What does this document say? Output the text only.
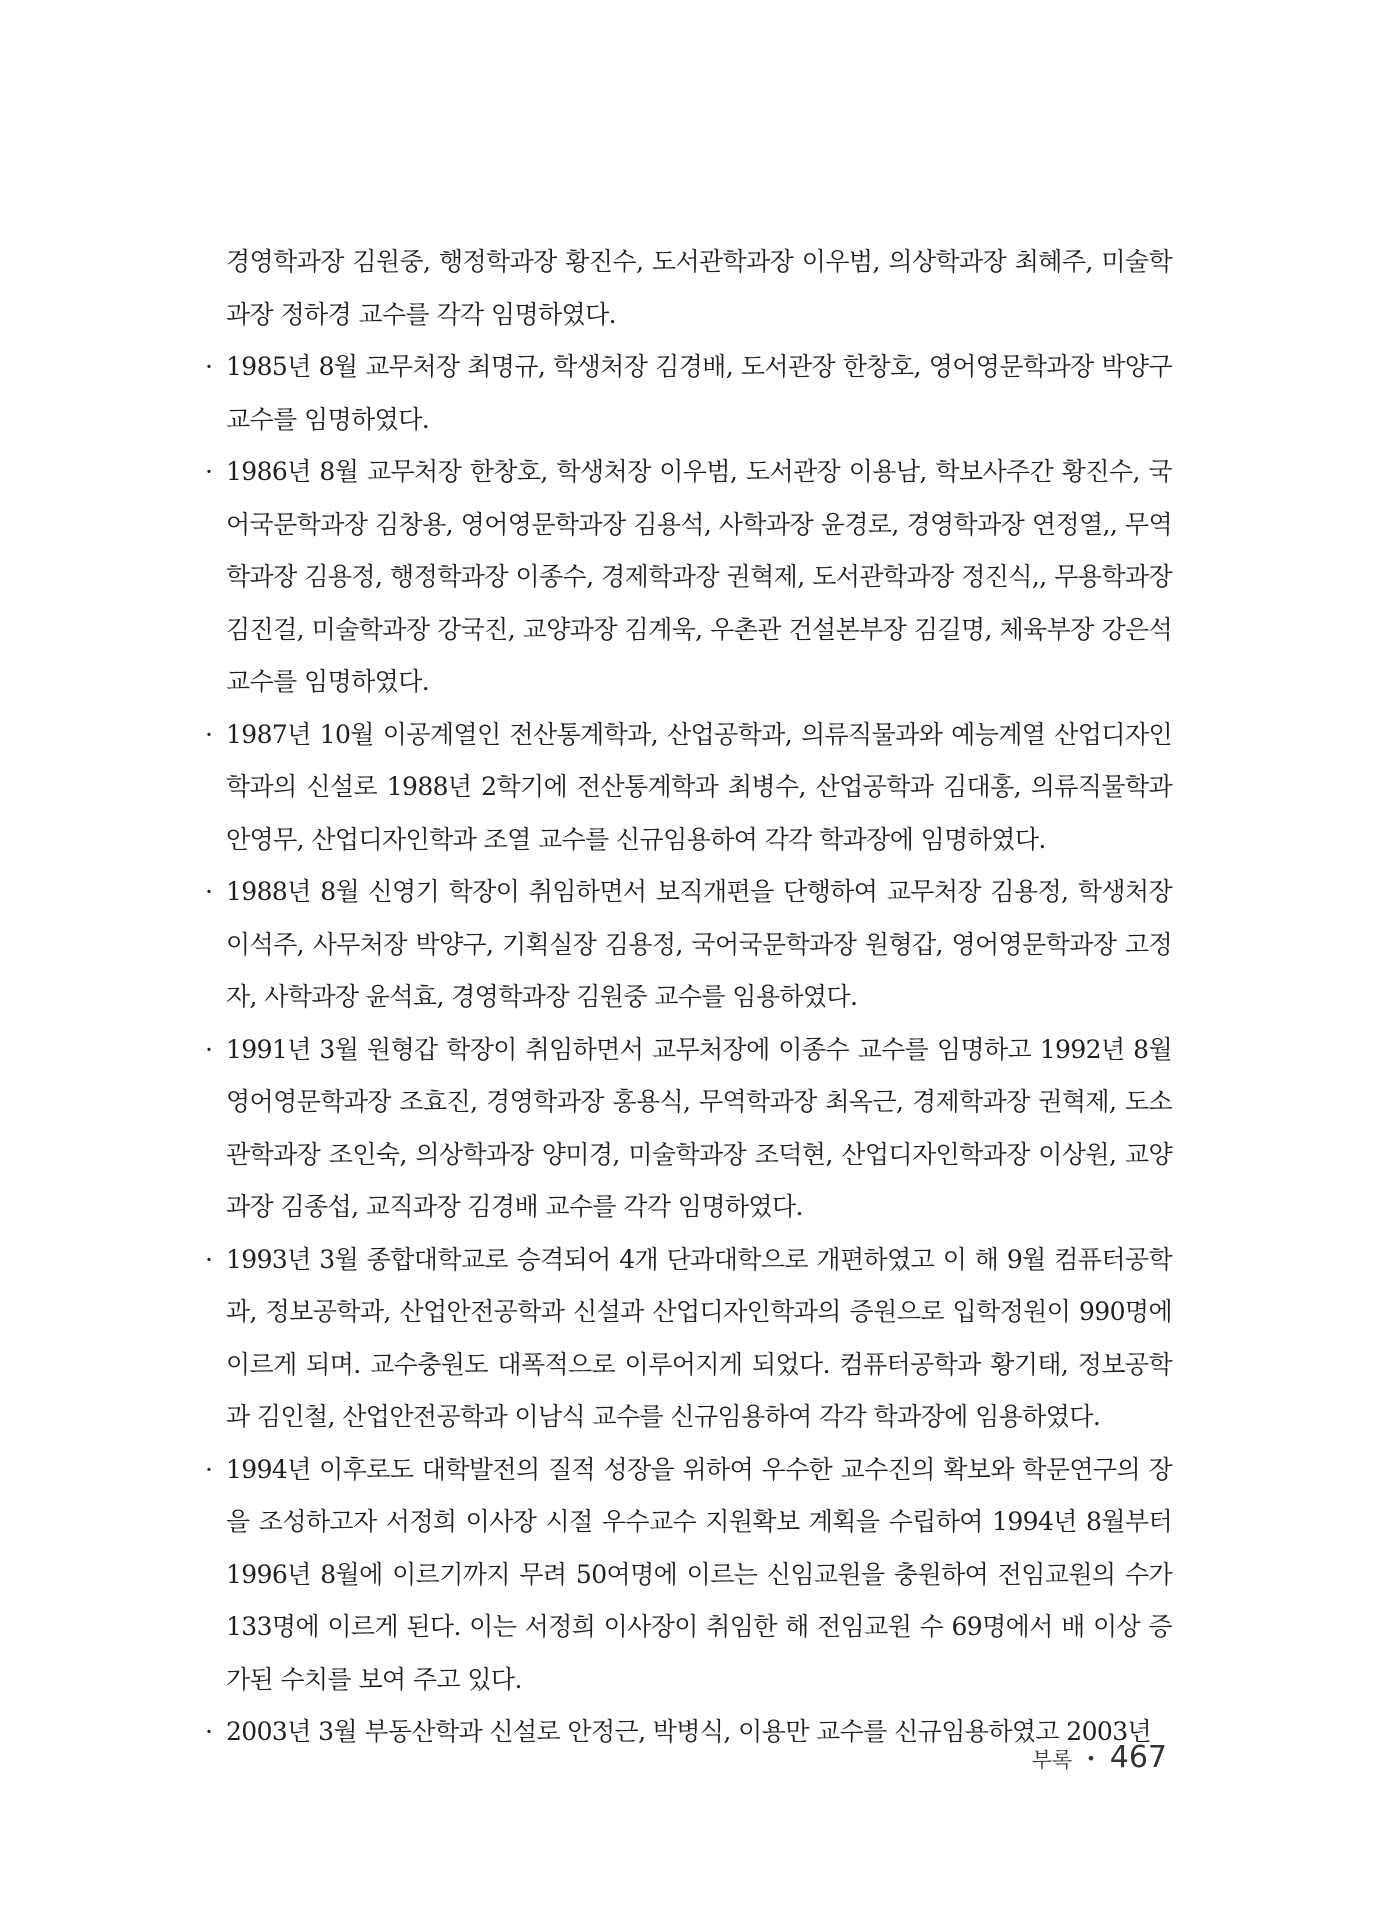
경영학과장 김원중, 행정학과장 황진수, 도서관학과장 이우범, 의상학과장 최혜주, 미술학과장 정하경 교수를 각각 임명하였다.

· 1985년 8월 교무처장 최명규, 학생처장 김경배, 도서관장 한창호, 영어영문학과장 박양구 교수를 임명하였다.

· 1986년 8월 교무처장 한창호, 학생처장 이우범, 도서관장 이용남, 학보사주간 황진수, 국어국문학과장 김창용, 영어영문학과장 김용석, 사학과장 윤경로, 경영학과장 연정열,, 무역학과장 김용정, 행정학과장 이종수, 경제학과장 권혁제, 도서관학과장 정진식,, 무용학과장 김진걸, 미술학과장 강국진, 교양과장 김계욱, 우촌관 건설본부장 김길명, 체육부장 강은석 교수를 임명하였다.

· 1987년 10월 이공계열인 전산통계학과, 산업공학과, 의류직물과와 예능계열 산업디자인학과의 신설로 1988년 2학기에 전산통계학과 최병수, 산업공학과 김대홍, 의류직물학과 안영무, 산업디자인학과 조열 교수를 신규임용하여 각각 학과장에 임명하였다.

· 1988년 8월 신영기 학장이 취임하면서 보직개편을 단행하여 교무처장 김용정, 학생처장 이석주, 사무처장 박양구, 기획실장 김용정, 국어국문학과장 원형갑, 영어영문학과장 고정자, 사학과장 윤석효, 경영학과장 김원중 교수를 임용하였다.

· 1991년 3월 원형갑 학장이 취임하면서 교무처장에 이종수 교수를 임명하고 1992년 8월 영어영문학과장 조효진, 경영학과장 홍용식, 무역학과장 최옥근, 경제학과장 권혁제, 도소관학과장 조인숙, 의상학과장 양미경, 미술학과장 조덕현, 산업디자인학과장 이상원, 교양과장 김종섭, 교직과장 김경배 교수를 각각 임명하였다.

· 1993년 3월 종합대학교로 승격되어 4개 단과대학으로 개편하였고 이 해 9월 컴퓨터공학과, 정보공학과, 산업안전공학과 신설과 산업디자인학과의 증원으로 입학정원이 990명에 이르게 되며. 교수충원도 대폭적으로 이루어지게 되었다. 컴퓨터공학과 황기태, 정보공학과 김인철, 산업안전공학과 이남식 교수를 신규임용하여 각각 학과장에 임용하였다.

· 1994년 이후로도 대학발전의 질적 성장을 위하여 우수한 교수진의 확보와 학문연구의 장을 조성하고자 서정희 이사장 시절 우수교수 지원확보 계획을 수립하여 1994년 8월부터 1996년 8월에 이르기까지 무려 50여명에 이르는 신임교원을 충원하여 전임교원의 수가 133명에 이르게 된다. 이는 서정희 이사장이 취임한 해 전임교원 수 69명에서 배 이상 증가된 수치를 보여 주고 있다.

· 2003년 3월 부동산학과 신설로 안정근, 박병식, 이용만 교수를 신규임용하였고 2003년

부록 • 467
